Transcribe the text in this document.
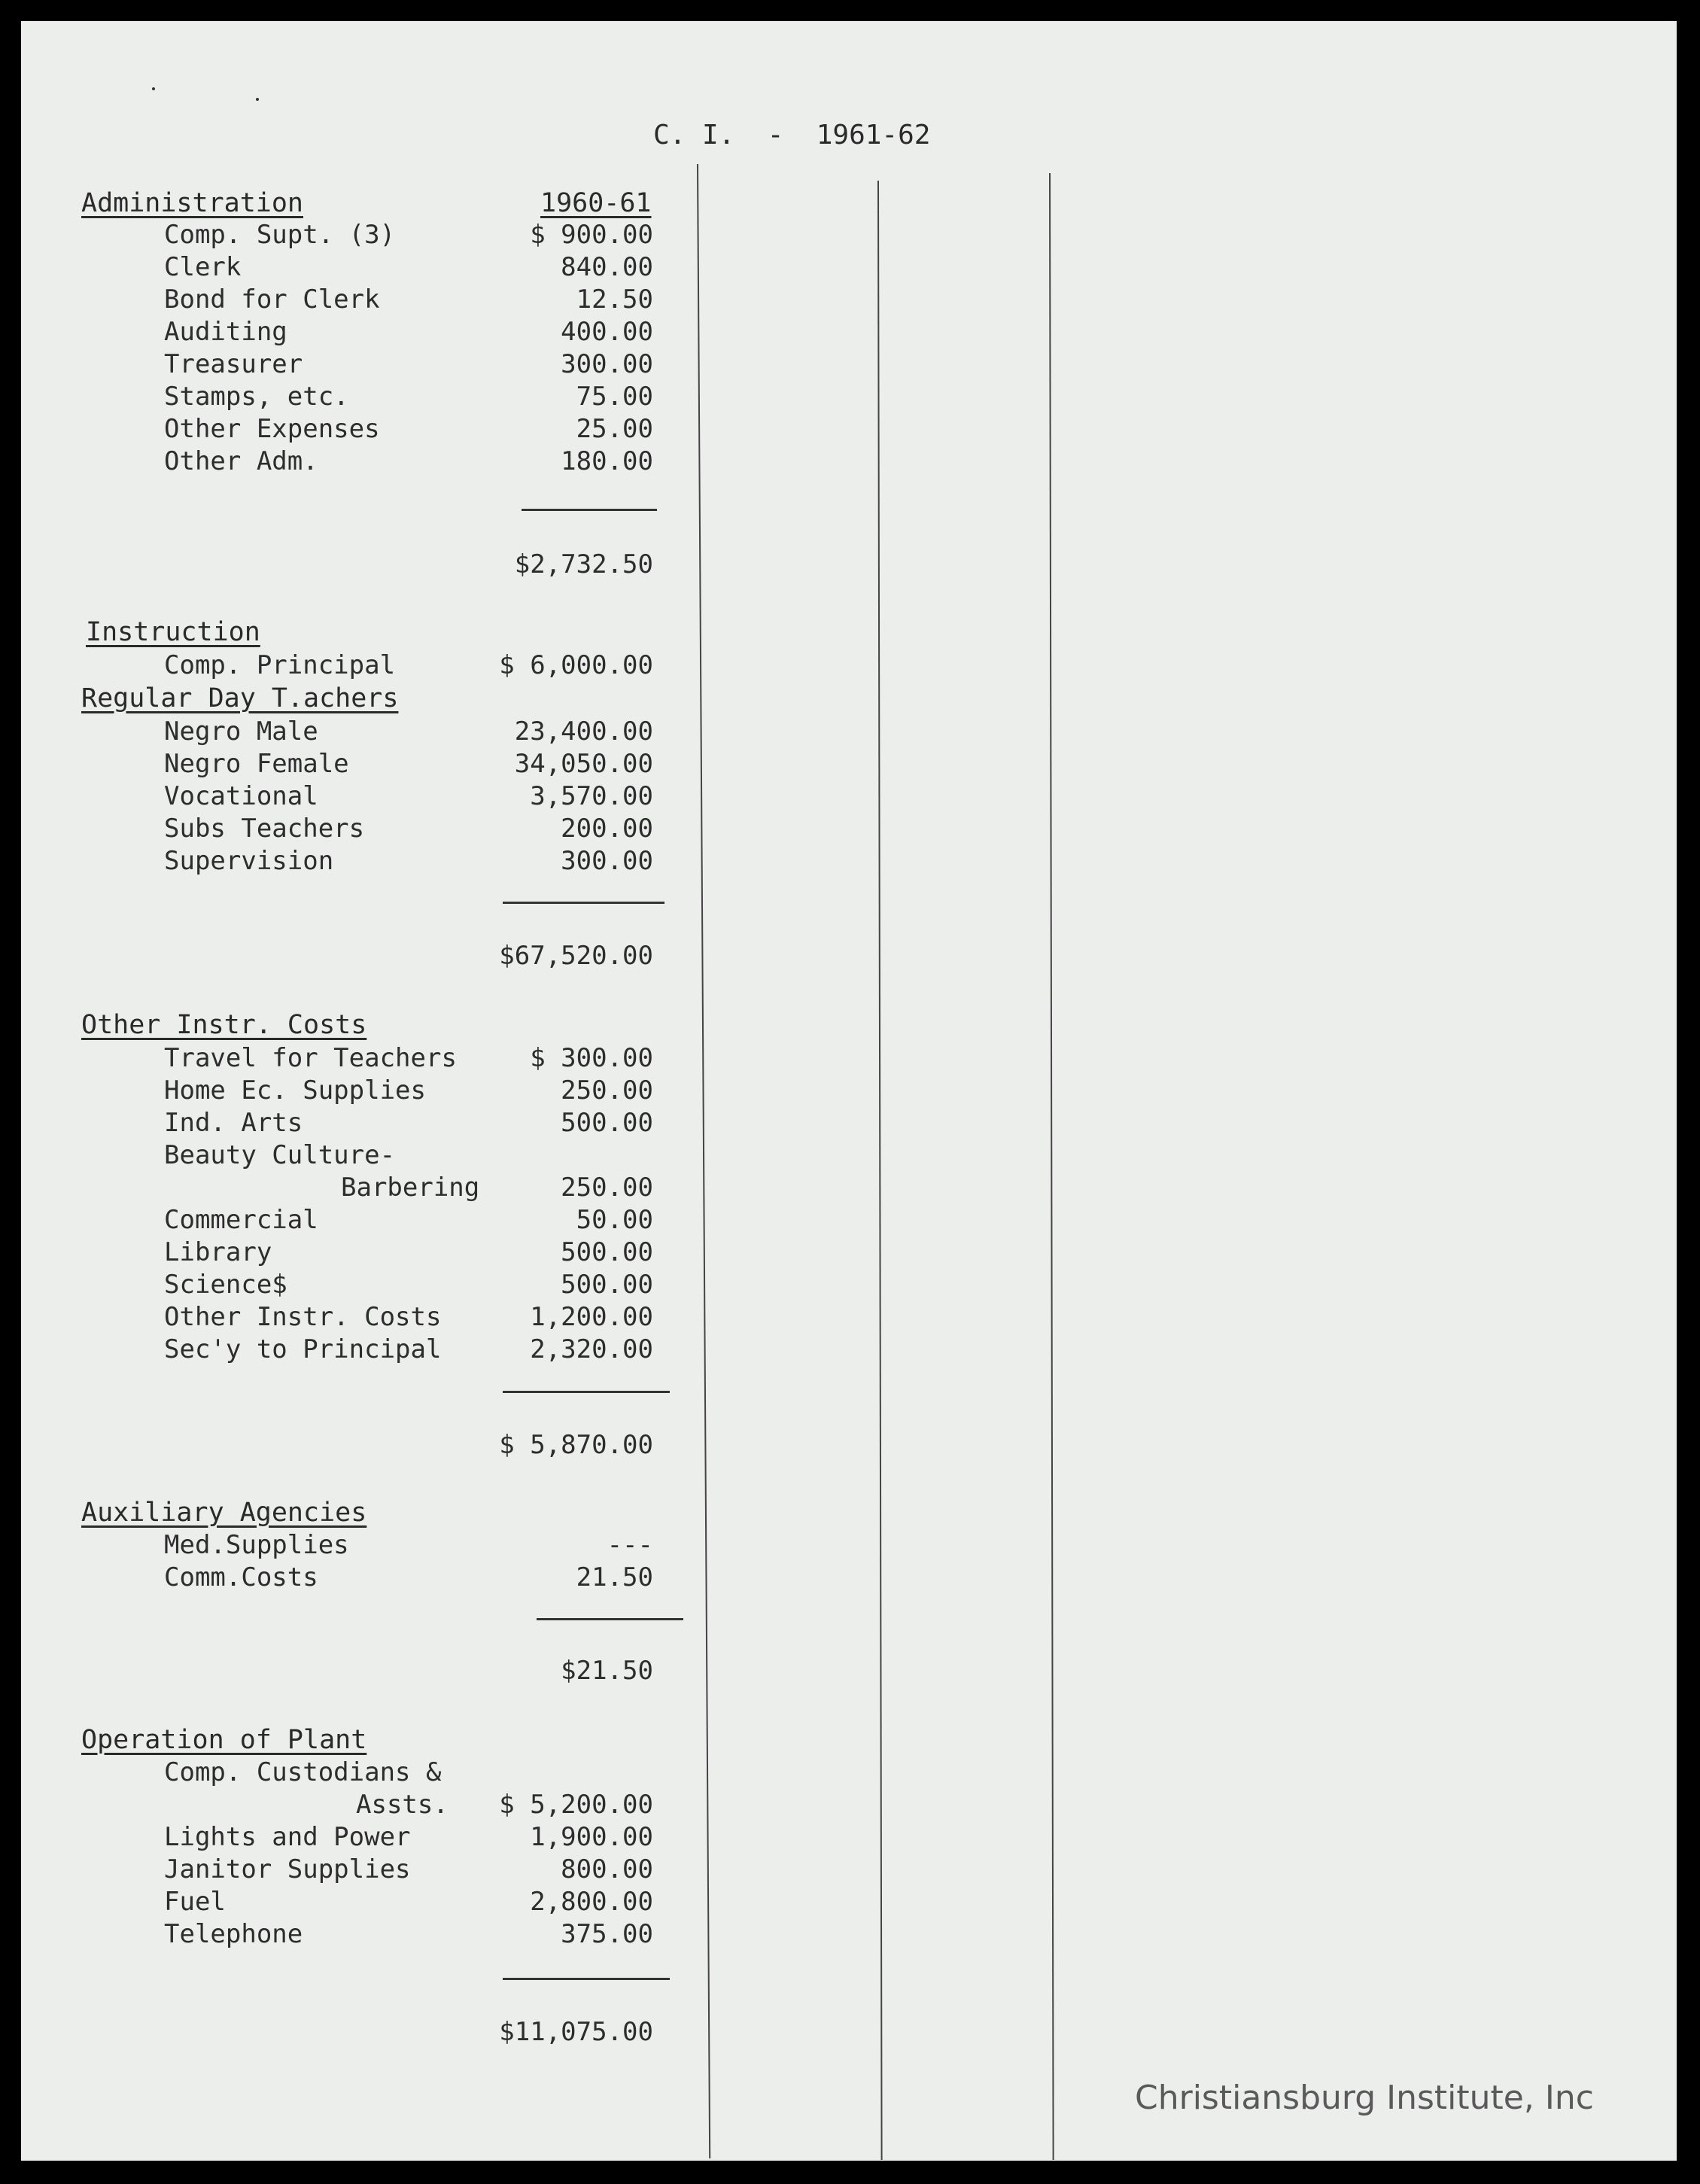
C. I.  -  1961-62
Administration	1960-61
Comp. Supt. (3)	$ 900.00
Clerk	840.00
Bond for Clerk	12.50
Auditing	400.00
Treasurer	300.00
Stamps, etc.	75.00
Other Expenses	25.00
Other Adm.	180.00
$2,732.50
Instruction
Comp. Principal	$ 6,000.00
Regular Day T.achers
Negro Male	23,400.00
Negro Female	34,050.00
Vocational	3,570.00
Subs Teachers	200.00
Supervision	300.00
$67,520.00
Other Instr. Costs
Travel for Teachers	$ 300.00
Home Ec. Supplies	250.00
Ind. Arts	500.00
Beauty Culture-
Barbering	250.00
Commercial	50.00
Library	500.00
Science$	500.00
Other Instr. Costs	1,200.00
Sec'y to Principal	2,320.00
$ 5,870.00
Auxiliary Agencies
Med.Supplies	---
Comm.Costs	21.50
$21.50
Operation of Plant
Comp. Custodians &
Assts.	$ 5,200.00
Lights and Power	1,900.00
Janitor Supplies	800.00
Fuel	2,800.00
Telephone	375.00
$11,075.00
Christiansburg Institute, Inc
